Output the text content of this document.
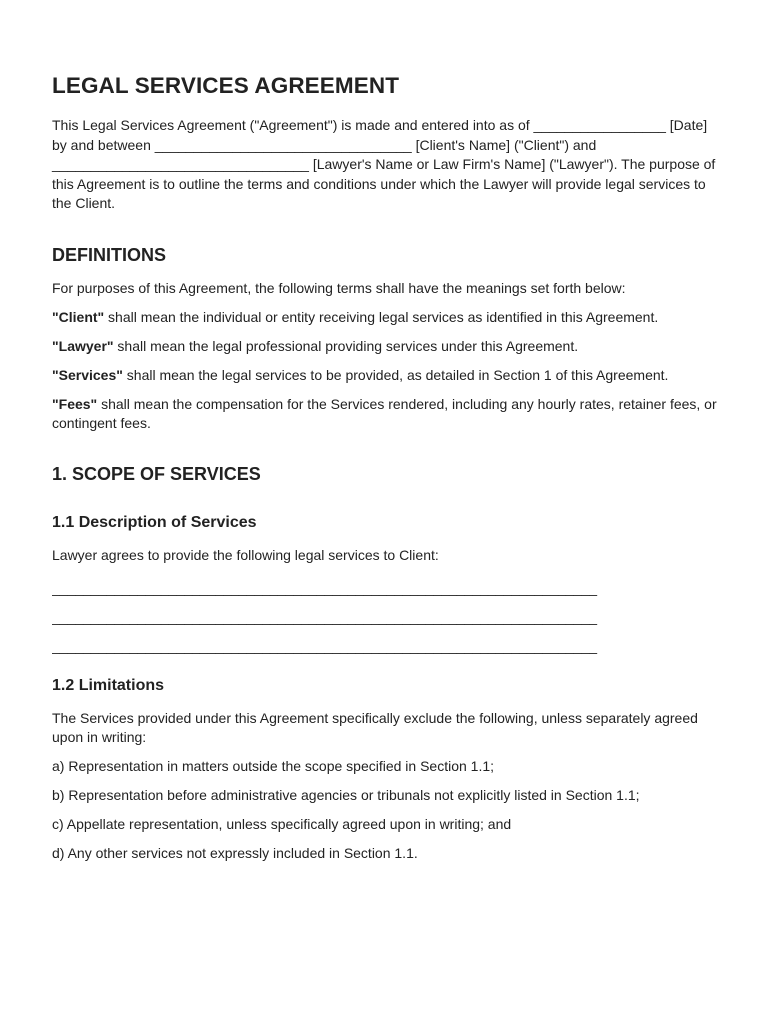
LEGAL SERVICES AGREEMENT

This Legal Services Agreement ("Agreement") is made and entered into as of _________________ [Date] by and between _________________________________ [Client's Name] ("Client") and _________________________________ [Lawyer's Name or Law Firm's Name] ("Lawyer"). The purpose of this Agreement is to outline the terms and conditions under which the Lawyer will provide legal services to the Client.

DEFINITIONS

For purposes of this Agreement, the following terms shall have the meanings set forth below:

"Client" shall mean the individual or entity receiving legal services as identified in this Agreement.

"Lawyer" shall mean the legal professional providing services under this Agreement.

"Services" shall mean the legal services to be provided, as detailed in Section 1 of this Agreement.

"Fees" shall mean the compensation for the Services rendered, including any hourly rates, retainer fees, or contingent fees.

1. SCOPE OF SERVICES
1.1 Description of Services

Lawyer agrees to provide the following legal services to Client:

______________________________________________________________________
______________________________________________________________________
______________________________________________________________________
1.2 Limitations

The Services provided under this Agreement specifically exclude the following, unless separately agreed upon in writing:

a) Representation in matters outside the scope specified in Section 1.1;

b) Representation before administrative agencies or tribunals not explicitly listed in Section 1.1;

c) Appellate representation, unless specifically agreed upon in writing; and

d) Any other services not expressly included in Section 1.1.
